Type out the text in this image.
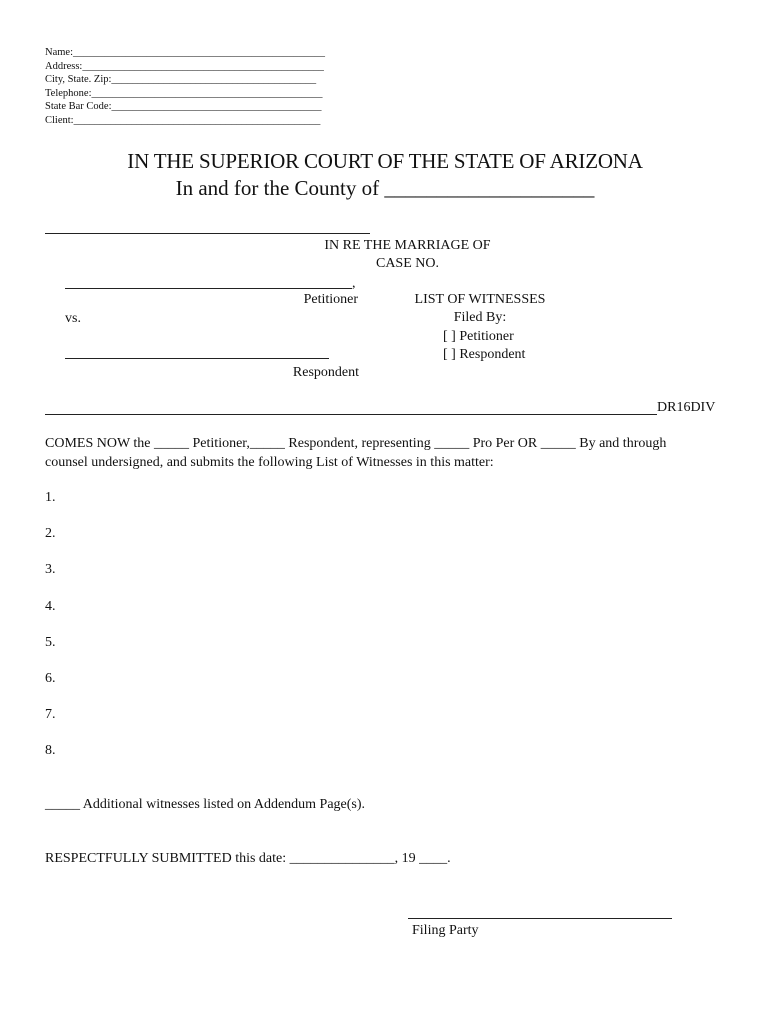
Name:________________________________________________
Address:______________________________________________
City, State. Zip:_______________________________________
Telephone:____________________________________________
State Bar Code:________________________________________
Client:_______________________________________________
IN THE SUPERIOR COURT OF THE STATE OF ARIZONA
In and for the County of ____________________
IN RE THE MARRIAGE OF
CASE NO.
,
Petitioner
vs.
Respondent
LIST OF WITNESSES
Filed By:
[ ] Petitioner
[ ] Respondent
DR16DIV
COMES NOW the _____ Petitioner,_____ Respondent, representing _____ Pro Per OR _____ By and through
counsel undersigned, and submits the following List of Witnesses in this matter:
1.
2.
3.
4.
5.
6.
7.
8.
_____ Additional witnesses listed on Addendum Page(s).
RESPECTFULLY SUBMITTED this date: _______________, 19 ____.
Filing Party
